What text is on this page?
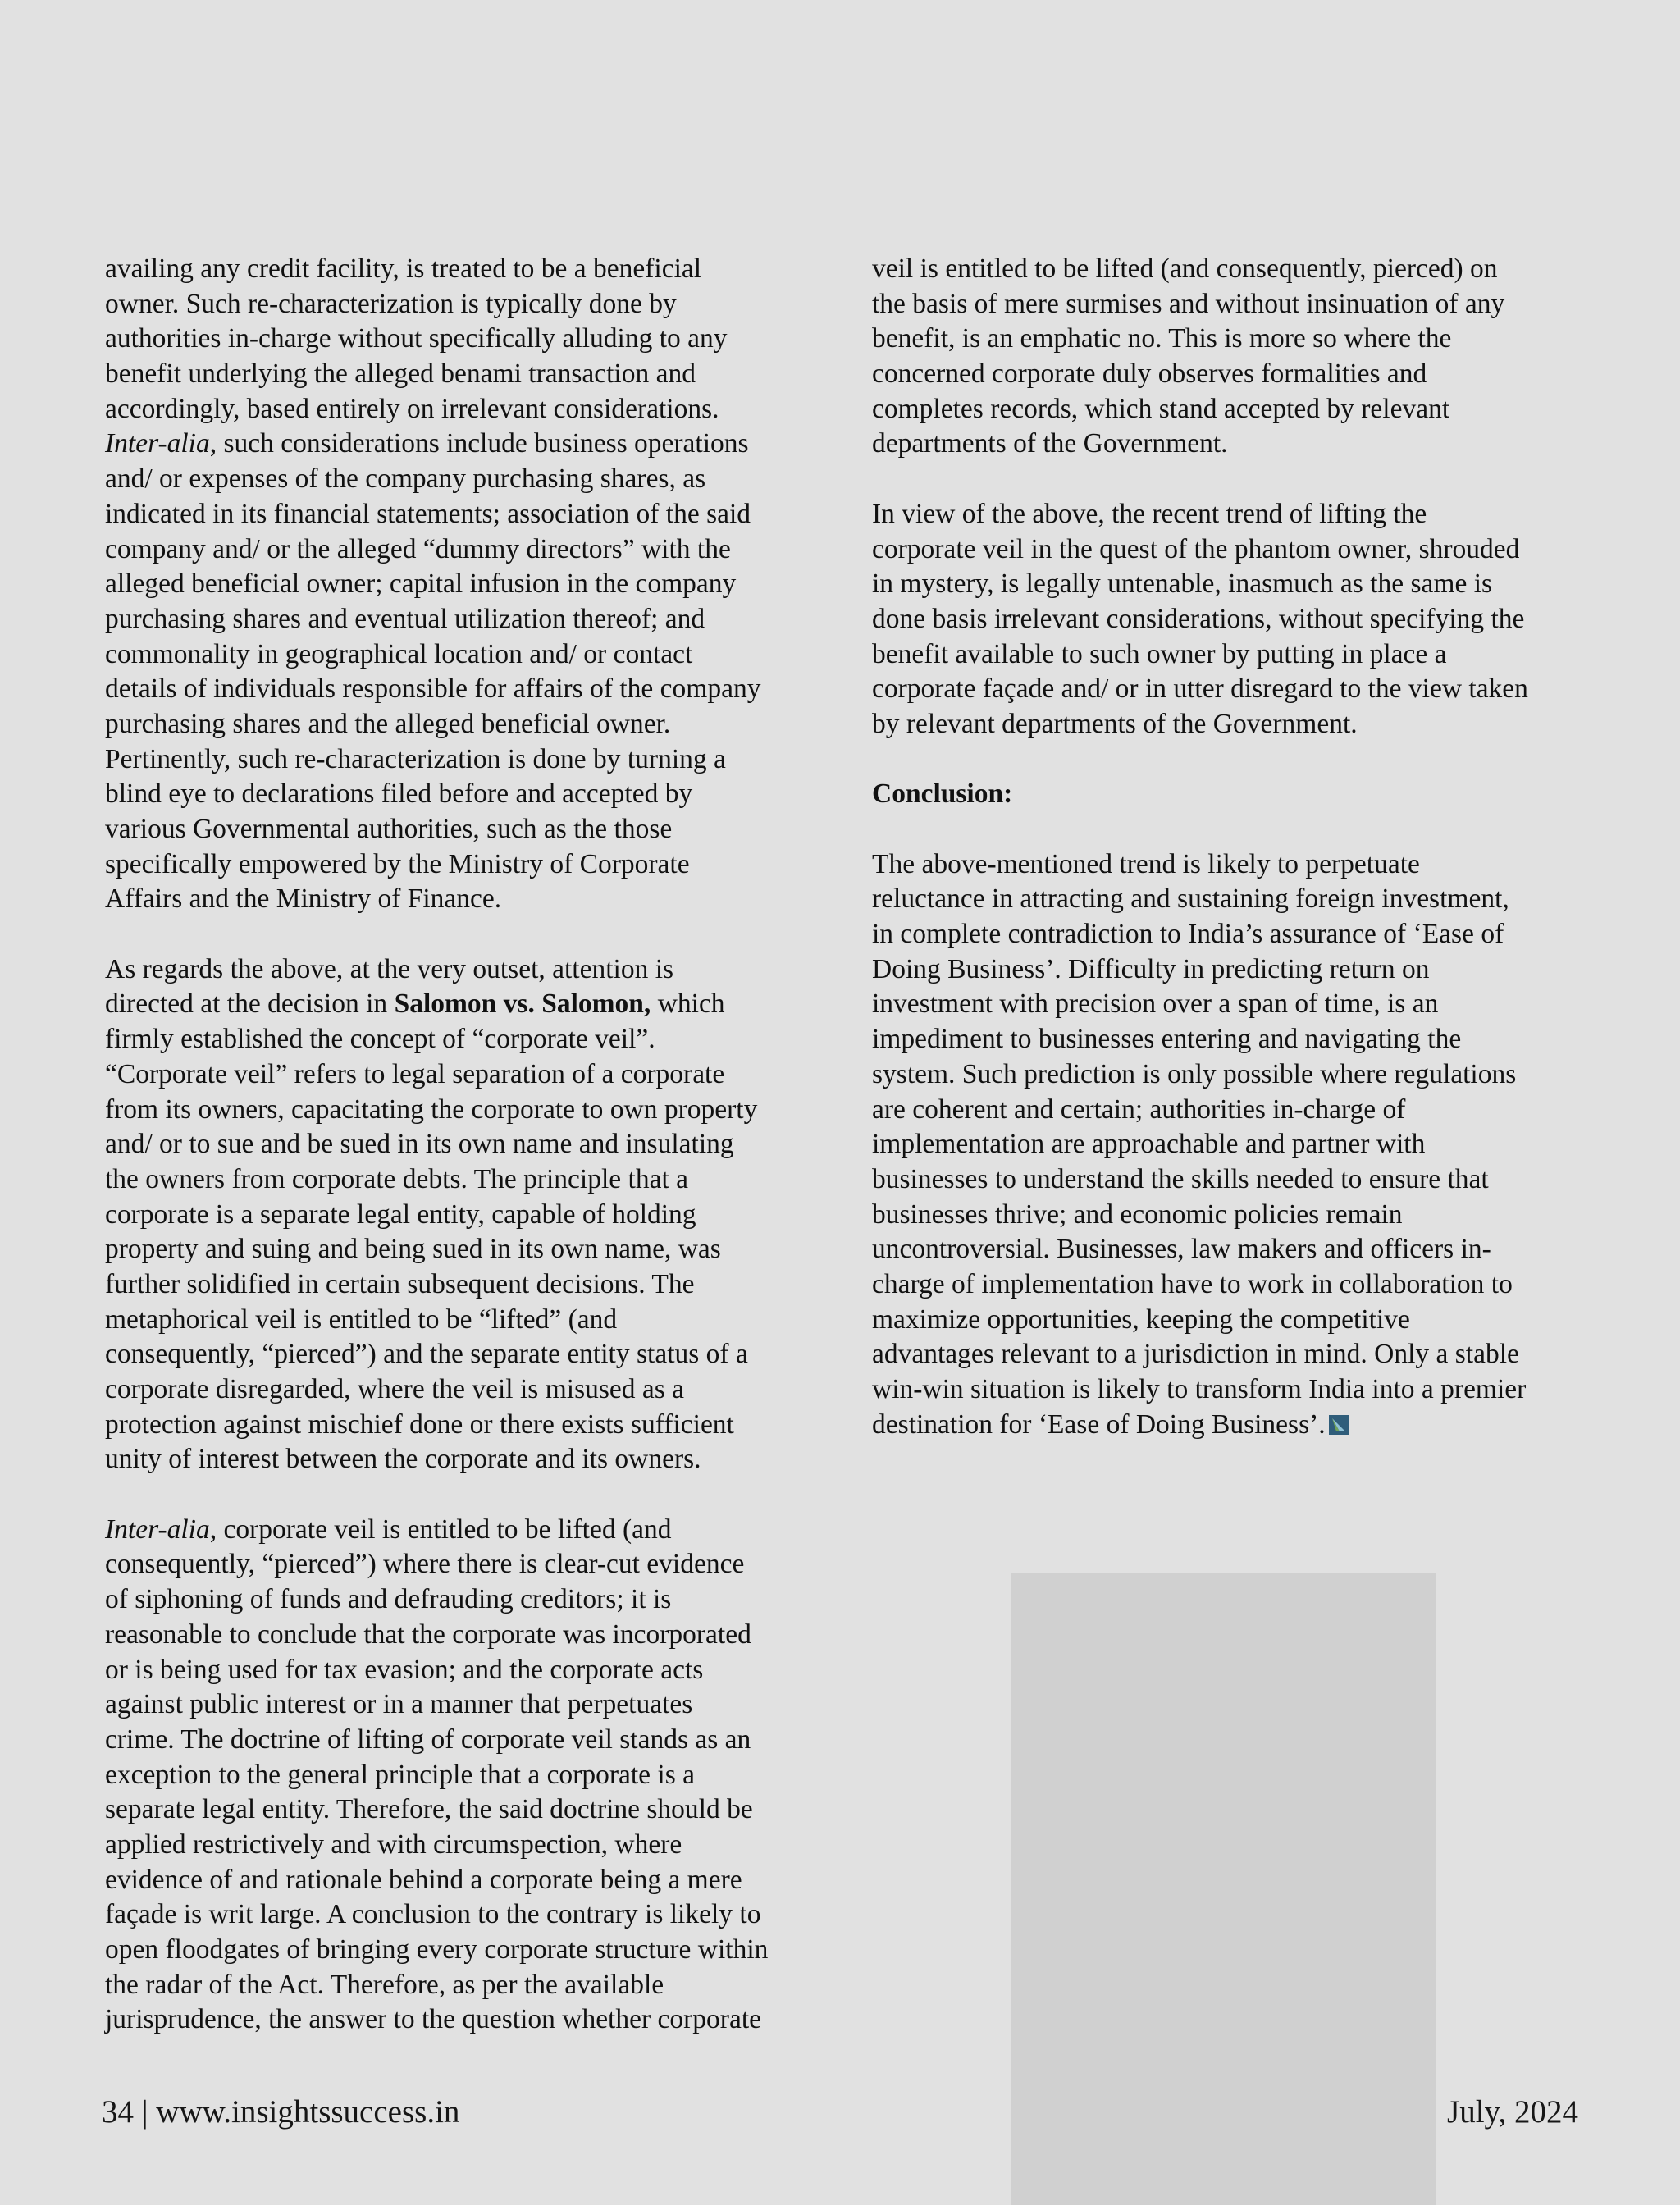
availing any credit facility, is treated to be a beneficial
owner. Such re-characterization is typically done by
authorities in-charge without specifically alluding to any
benefit underlying the alleged benami transaction and
accordingly, based entirely on irrelevant considerations.
Inter-alia, such considerations include business operations
and/ or expenses of the company purchasing shares, as
indicated in its financial statements; association of the said
company and/ or the alleged “dummy directors” with the
alleged beneficial owner; capital infusion in the company
purchasing shares and eventual utilization thereof; and
commonality in geographical location and/ or contact
details of individuals responsible for affairs of the company
purchasing shares and the alleged beneficial owner.
Pertinently, such re-characterization is done by turning a
blind eye to declarations filed before and accepted by
various Governmental authorities, such as the those
specifically empowered by the Ministry of Corporate
Affairs and the Ministry of Finance.
As regards the above, at the very outset, attention is
directed at the decision in Salomon vs. Salomon, which
firmly established the concept of “corporate veil”.
“Corporate veil” refers to legal separation of a corporate
from its owners, capacitating the corporate to own property
and/ or to sue and be sued in its own name and insulating
the owners from corporate debts. The principle that a
corporate is a separate legal entity, capable of holding
property and suing and being sued in its own name, was
further solidified in certain subsequent decisions. The
metaphorical veil is entitled to be “lifted” (and
consequently, “pierced”) and the separate entity status of a
corporate disregarded, where the veil is misused as a
protection against mischief done or there exists sufficient
unity of interest between the corporate and its owners.
Inter-alia, corporate veil is entitled to be lifted (and
consequently, “pierced”) where there is clear-cut evidence
of siphoning of funds and defrauding creditors; it is
reasonable to conclude that the corporate was incorporated
or is being used for tax evasion; and the corporate acts
against public interest or in a manner that perpetuates
crime. The doctrine of lifting of corporate veil stands as an
exception to the general principle that a corporate is a
separate legal entity. Therefore, the said doctrine should be
applied restrictively and with circumspection, where
evidence of and rationale behind a corporate being a mere
façade is writ large. A conclusion to the contrary is likely to
open floodgates of bringing every corporate structure within
the radar of the Act. Therefore, as per the available
jurisprudence, the answer to the question whether corporate
veil is entitled to be lifted (and consequently, pierced) on
the basis of mere surmises and without insinuation of any
benefit, is an emphatic no. This is more so where the
concerned corporate duly observes formalities and
completes records, which stand accepted by relevant
departments of the Government.
In view of the above, the recent trend of lifting the
corporate veil in the quest of the phantom owner, shrouded
in mystery, is legally untenable, inasmuch as the same is
done basis irrelevant considerations, without specifying the
benefit available to such owner by putting in place a
corporate façade and/ or in utter disregard to the view taken
by relevant departments of the Government.
Conclusion:
The above-mentioned trend is likely to perpetuate
reluctance in attracting and sustaining foreign investment,
in complete contradiction to India’s assurance of ‘Ease of
Doing Business’. Difficulty in predicting return on
investment with precision over a span of time, is an
impediment to businesses entering and navigating the
system. Such prediction is only possible where regulations
are coherent and certain; authorities in-charge of
implementation are approachable and partner with
businesses to understand the skills needed to ensure that
businesses thrive; and economic policies remain
uncontroversial. Businesses, law makers and officers in-
charge of implementation have to work in collaboration to
maximize opportunities, keeping the competitive
advantages relevant to a jurisdiction in mind. Only a stable
win-win situation is likely to transform India into a premier
destination for ‘Ease of Doing Business’.
34 | www.insightssuccess.in	July, 2024
